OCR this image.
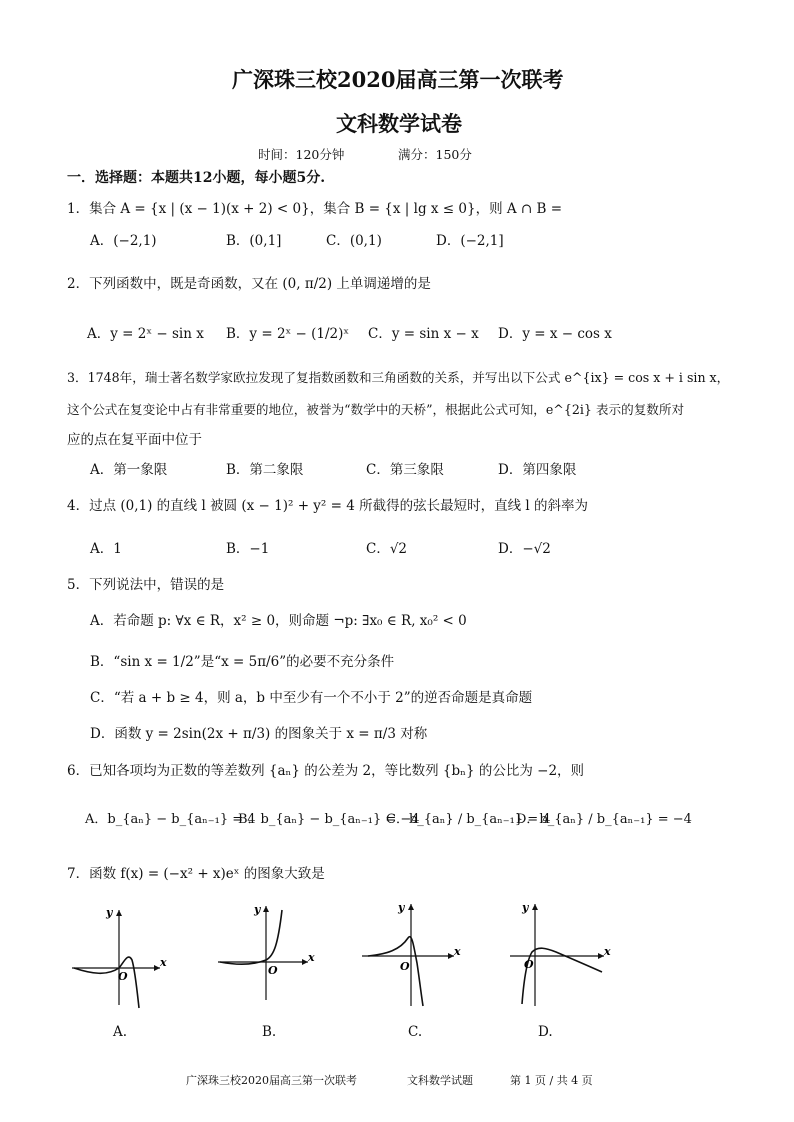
广深珠三校2020届高三第一次联考
文科数学试卷
时间：120分钟	满分：150分
一．选择题：本题共12小题，每小题5分.
1．集合 A = {x | (x − 1)(x + 2) < 0}，集合 B = {x | lg x ≤ 0}，则 A ∩ B =
A．(−2,1)	B．(0,1]	C．(0,1)	D．(−2,1]
2．下列函数中，既是奇函数，又在 (0, π/2) 上单调递增的是
A．y = 2ˣ − sin x B．y = 2ˣ − (1/2)ˣ C．y = sin x − x D．y = x − cos x
3．1748年，瑞士著名数学家欧拉发现了复指数函数和三角函数的关系，并写出以下公式 e^{ix} = cos x + i sin x，
这个公式在复变论中占有非常重要的地位，被誉为“数学中的天桥”，根据此公式可知，e^{2i} 表示的复数所对
应的点在复平面中位于
A．第一象限	B．第二象限	C．第三象限	D．第四象限
4．过点 (0,1) 的直线 l 被圆 (x − 1)² + y² = 4 所截得的弦长最短时，直线 l 的斜率为
A．1	B．−1	C．√2	D．−√2
5．下列说法中，错误的是
A．若命题 p: ∀x ∈ R，x² ≥ 0，则命题 ¬p: ∃x₀ ∈ R, x₀² < 0
B．“sin x = 1/2”是“x = 5π/6”的必要不充分条件
C．“若 a + b ≥ 4，则 a，b 中至少有一个不小于 2”的逆否命题是真命题
D．函数 y = 2sin(2x + π/3) 的图象关于 x = π/3 对称
6．已知各项均为正数的等差数列 {aₙ} 的公差为 2，等比数列 {bₙ} 的公比为 −2，则
A．b_{aₙ} − b_{aₙ₋₁} = 4
B．b_{aₙ} − b_{aₙ₋₁} = −4
C．b_{aₙ} / b_{aₙ₋₁} = 4
D．b_{aₙ} / b_{aₙ₋₁} = −4
7．函数 f(x) = (−x² + x)eˣ 的图象大致是
x
y
O
A.
x
y
O
B.
x
y
O
C.
x
y
O
D.
广深珠三校2020届高三第一次联考	文科数学试题	第 1 页 / 共 4 页
